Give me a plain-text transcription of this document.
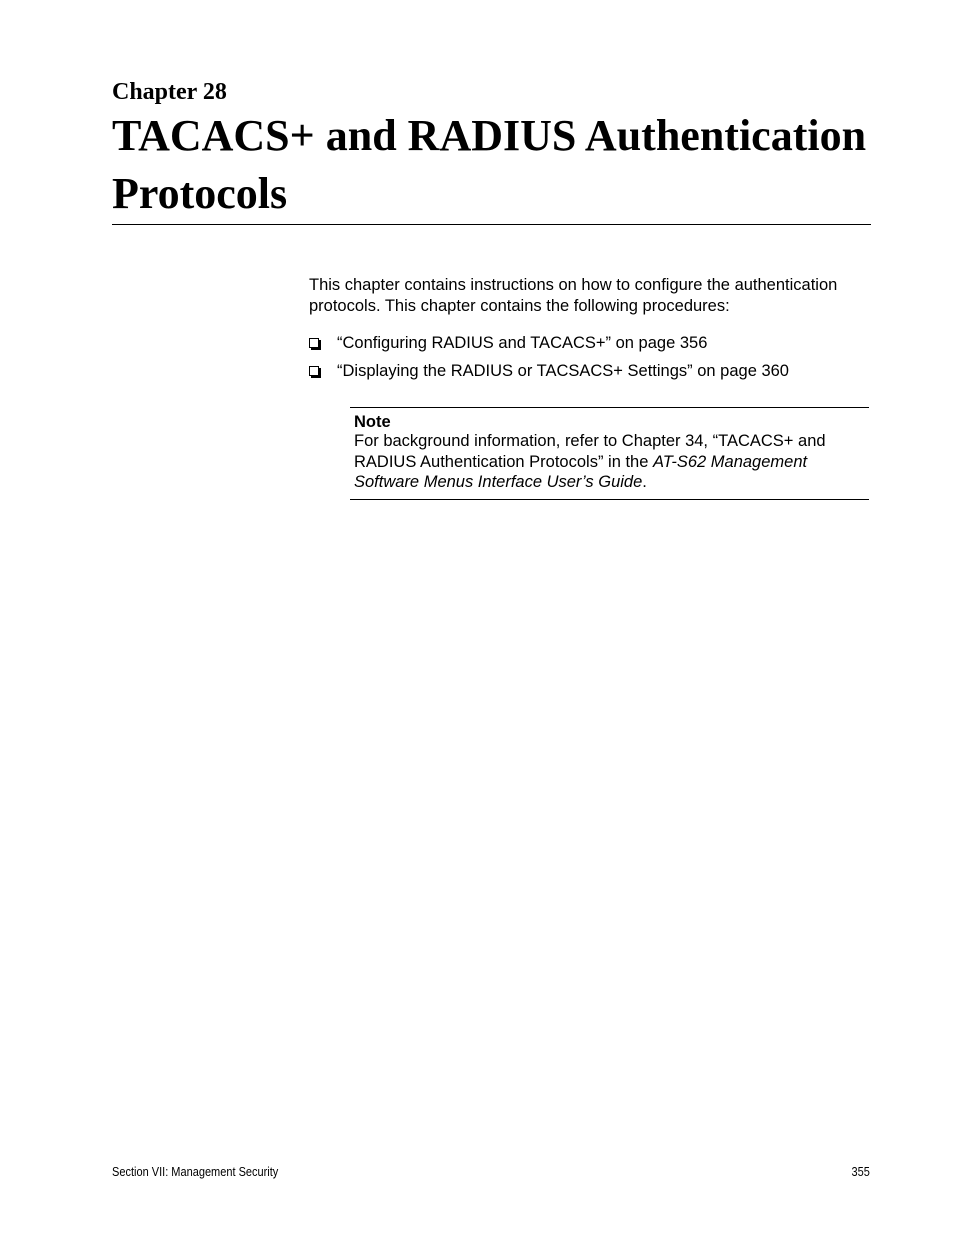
Chapter 28
TACACS+ and RADIUS Authentication Protocols

This chapter contains instructions on how to configure the authentication protocols. This chapter contains the following procedures:

“Configuring RADIUS and TACACS+” on page 356
“Displaying the RADIUS or TACSACS+ Settings” on page 360
Note

For background information, refer to Chapter 34, “TACACS+ and RADIUS Authentication Protocols” in the AT-S62 Management Software Menus Interface User’s Guide.

Section VII: Management Security	355
